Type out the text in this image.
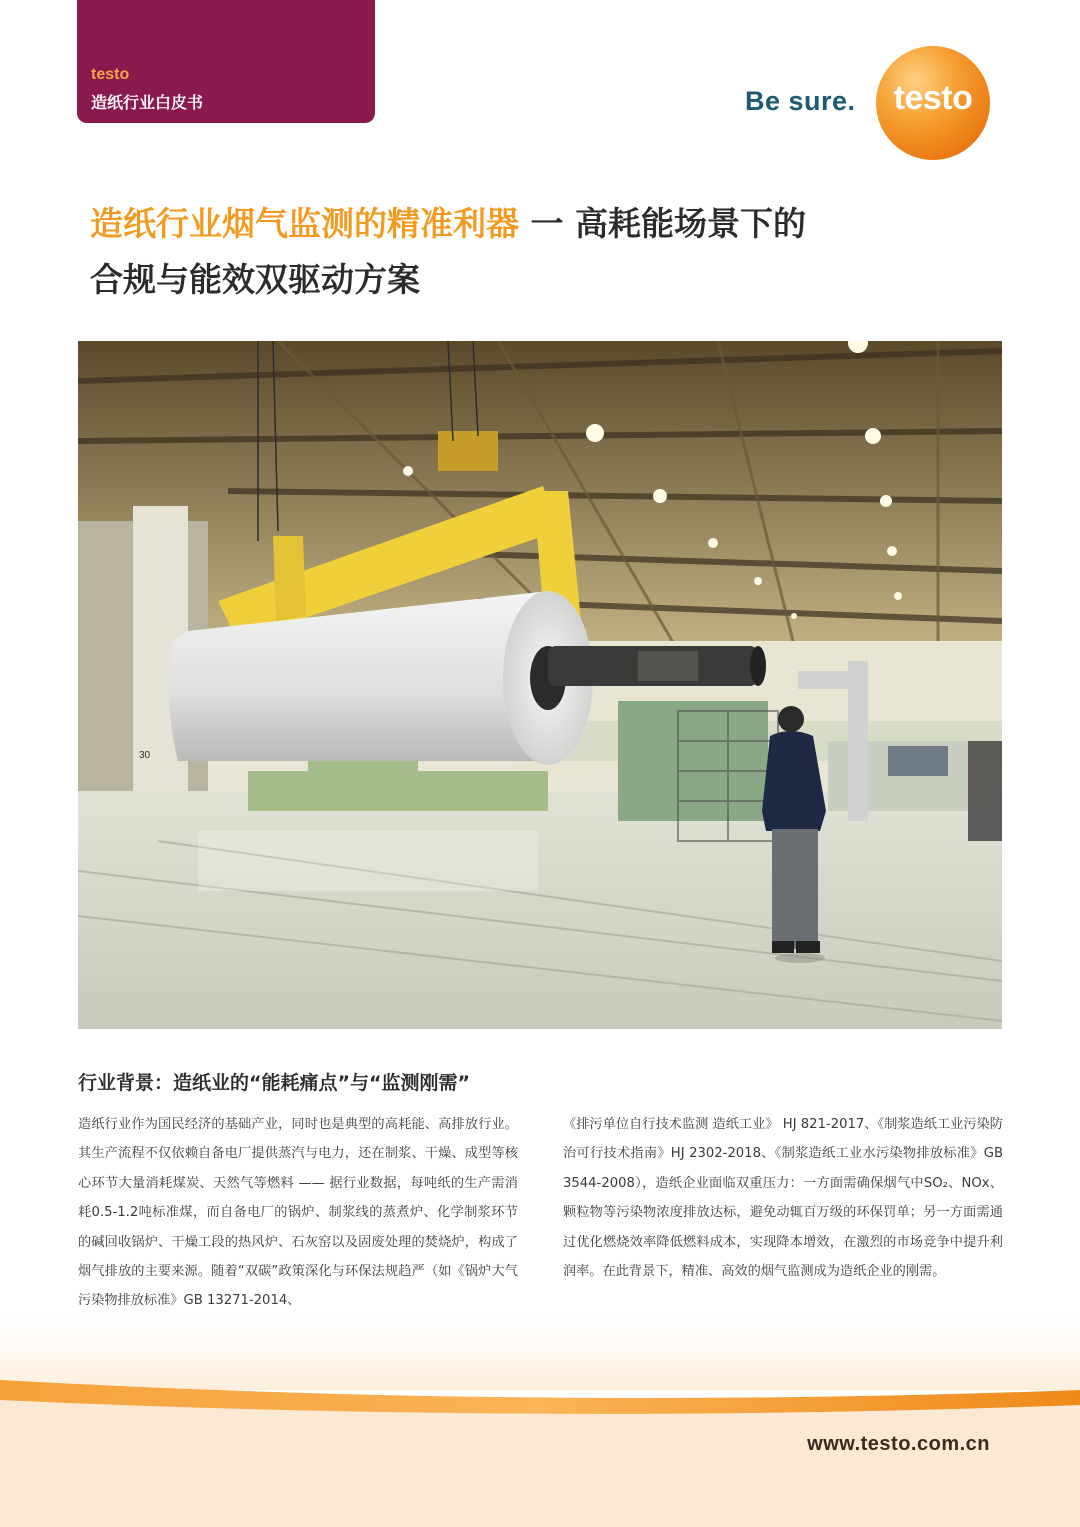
testo
造纸行业白皮书	Be sure.	testo
造纸行业烟气监测的精准利器 一 高耗能场景下的
合规与能效双驱动方案
30
行业背景：造纸业的“能耗痛点”与“监测刚需”
造纸行业作为国民经济的基础产业，同时也是典型的高耗能、高排放行业。其生产流程不仅依赖自备电厂提供蒸汽与电力，还在制浆、干燥、成型等核心环节大量消耗煤炭、天然气等燃料 —— 据行业数据，每吨纸的生产需消耗0.5-1.2吨标准煤，而自备电厂的锅炉、制浆线的蒸煮炉、化学制浆环节的碱回收锅炉、干燥工段的热风炉、石灰窑以及固废处理的焚烧炉，构成了烟气排放的主要来源。随着“双碳”政策深化与环保法规趋严（如《锅炉大气
《排污单位自行技术监测 造纸工业》 HJ 821-2017、《制浆造纸工业污染防治可行技术指南》HJ 2302-2018、《制浆造纸工业水污染物排放标准》GB 3544-2008），造纸企业面临双重压力：一方面需确保烟气中SO₂、NOx、颗粒物等污染物浓度排放达标，避免动辄百万级的环保罚单；另一方面需通过优化燃烧效率降低燃料成本，实现降本增效，在激烈的市场竞争中提升利润率。在此背景下，精准、高效的烟气监测成为造纸企业的刚需。
www.testo.com.cn
